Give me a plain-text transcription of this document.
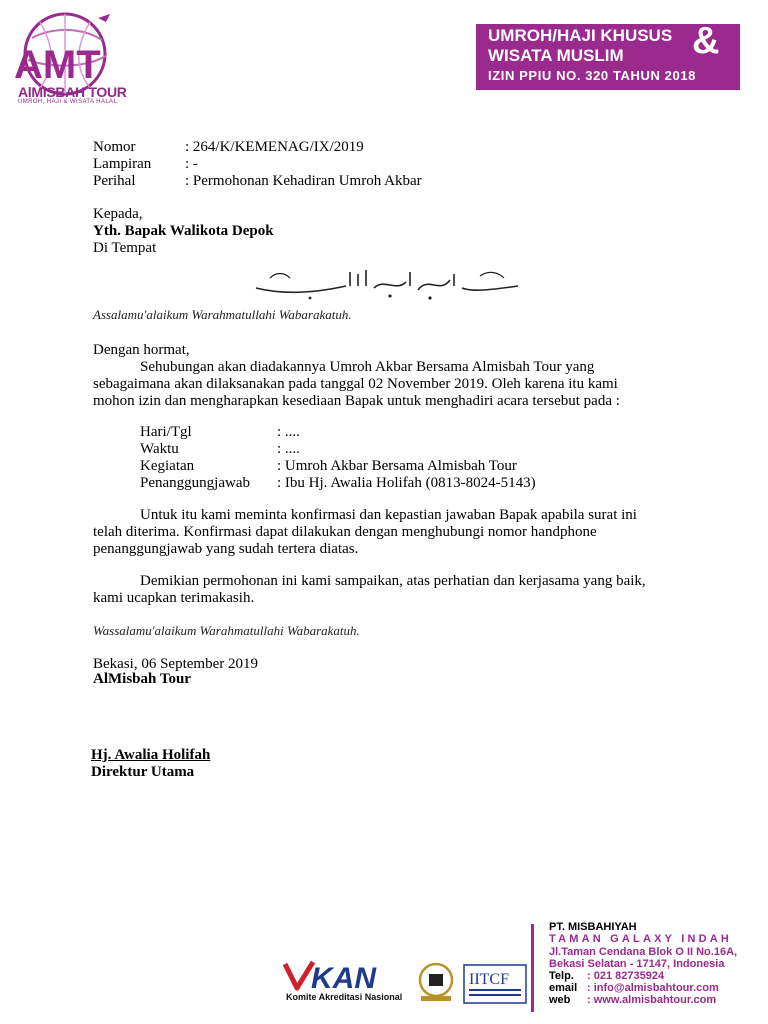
AMT
AlMISBAH TOUR
UMROH, HAJI & WISATA HALAL
UMROH/HAJI KHUSUS
WISATA MUSLIM &
IZIN PPIU NO. 320 TAHUN 2018
Nomor	: 264/K/KEMENAG/IX/2019
Lampiran : -
Perihal	: Permohonan Kehadiran Umroh Akbar
Kepada,
Yth. Bapak Walikota Depok
Di Tempat
Assalamu'alaikum Warahmatullahi Wabarakatuh.
Dengan hormat,
Sehubungan akan diadakannya Umroh Akbar Bersama Almisbah Tour yang
sebagaimana akan dilaksanakan pada tanggal 02 November 2019. Oleh karena itu kami
mohon izin dan mengharapkan kesediaan Bapak untuk menghadiri acara tersebut pada :
Hari/Tgl	: ....
Waktu	: ....
Kegiatan	: Umroh Akbar Bersama Almisbah Tour
Penanggungjawab : Ibu Hj. Awalia Holifah (0813-8024-5143)
Untuk itu kami meminta konfirmasi dan kepastian jawaban Bapak apabila surat ini
telah diterima. Konfirmasi dapat dilakukan dengan menghubungi nomor handphone
penanggungjawab yang sudah tertera diatas.
Demikian permohonan ini kami sampaikan, atas perhatian dan kerjasama yang baik,
kami ucapkan terimakasih.
Wassalamu'alaikum Warahmatullahi Wabarakatuh.
Bekasi, 06 September 2019
AlMisbah Tour
Hj. Awalia Holifah
Direktur Utama
KAN
Komite Akreditasi Nasional
IITCF
PT. MISBAHIYAH
TAMAN GALAXY INDAH
Jl.Taman Cendana Blok O II No.16A,
Bekasi Selatan - 17147, Indonesia
Telp. : 021 82735924
email : info@almisbahtour.com
web : www.almisbahtour.com
